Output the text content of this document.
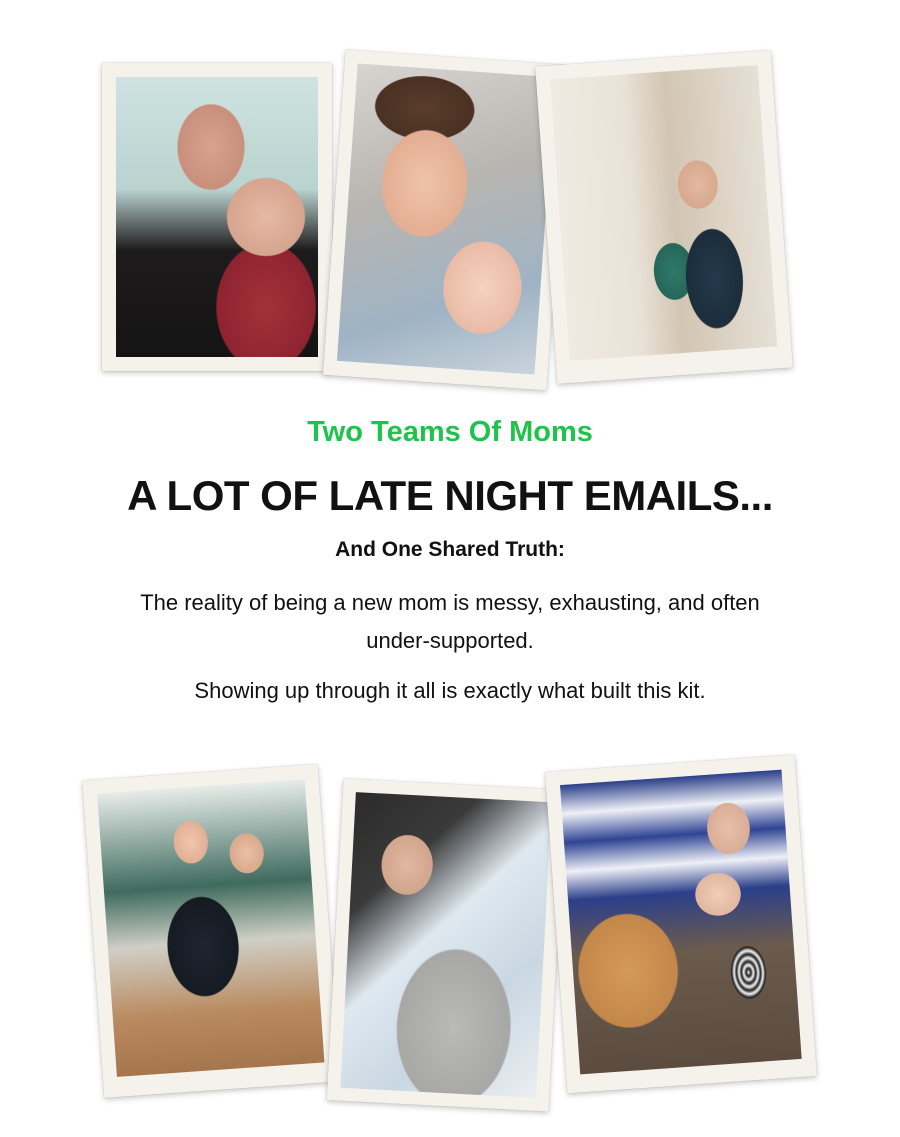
Two Teams Of Moms

A LOT OF LATE NIGHT EMAILS...

And One Shared Truth:

The reality of being a new mom is messy, exhausting, and often under-supported.

Showing up through it all is exactly what built this kit.
